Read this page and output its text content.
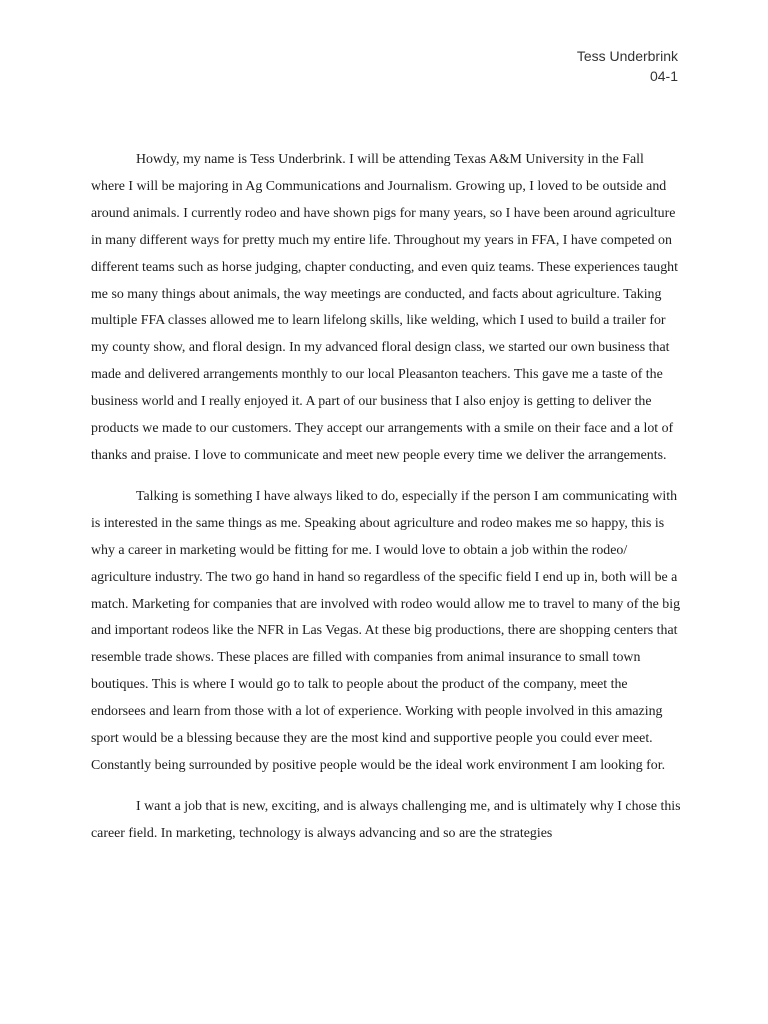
Tess Underbrink
04-1

Howdy, my name is Tess Underbrink. I will be attending Texas A&M University in the Fall where I will be majoring in Ag Communications and Journalism. Growing up, I loved to be outside and around animals. I currently rodeo and have shown pigs for many years, so I have been around agriculture in many different ways for pretty much my entire life. Throughout my years in FFA, I have competed on different teams such as horse judging, chapter conducting, and even quiz teams. These experiences taught me so many things about animals, the way meetings are conducted, and facts about agriculture. Taking multiple FFA classes allowed me to learn lifelong skills, like welding, which I used to build a trailer for my county show, and floral design. In my advanced floral design class, we started our own business that made and delivered arrangements monthly to our local Pleasanton teachers. This gave me a taste of the business world and I really enjoyed it. A part of our business that I also enjoy is getting to deliver the products we made to our customers. They accept our arrangements with a smile on their face and a lot of thanks and praise. I love to communicate and meet new people every time we deliver the arrangements.

Talking is something I have always liked to do, especially if the person I am communicating with is interested in the same things as me. Speaking about agriculture and rodeo makes me so happy, this is why a career in marketing would be fitting for me. I would love to obtain a job within the rodeo/ agriculture industry. The two go hand in hand so regardless of the specific field I end up in, both will be a match. Marketing for companies that are involved with rodeo would allow me to travel to many of the big and important rodeos like the NFR in Las Vegas. At these big productions, there are shopping centers that resemble trade shows. These places are filled with companies from animal insurance to small town boutiques. This is where I would go to talk to people about the product of the company, meet the endorsees and learn from those with a lot of experience. Working with people involved in this amazing sport would be a blessing because they are the most kind and supportive people you could ever meet. Constantly being surrounded by positive people would be the ideal work environment I am looking for.

I want a job that is new, exciting, and is always challenging me, and is ultimately why I chose this career field. In marketing, technology is always advancing and so are the strategies
